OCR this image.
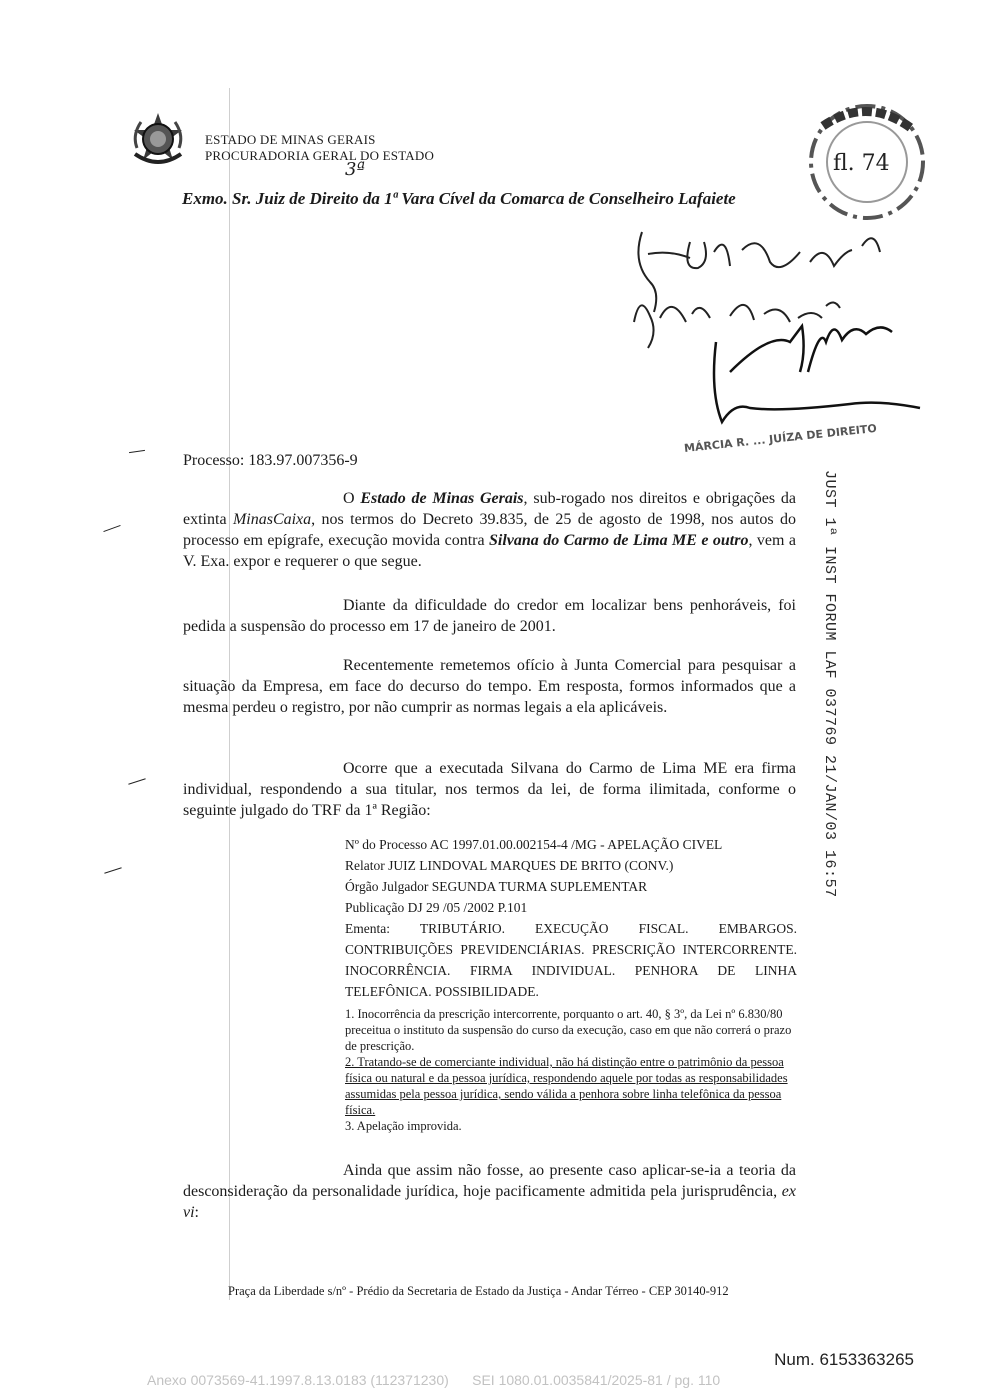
ESTADO DE MINAS GERAIS
PROCURADORIA GERAL DO ESTADO
3ª
Exmo. Sr. Juiz de Direito da 1ª Vara Cível da Comarca de Conselheiro Lafaiete
fl. 74
MÁRCIA R. ... JUÍZA DE DIREITO
JUST 1ª INST FORUM LAF 037769 21/JAN/03 16:57
Processo: 183.97.007356-9
O Estado de Minas Gerais, sub-rogado nos direitos e obrigações da extinta MinasCaixa, nos termos do Decreto 39.835, de 25 de agosto de 1998, nos autos do processo em epígrafe, execução movida contra Silvana do Carmo de Lima ME e outro, vem a V. Exa. expor e requerer o que segue.
Diante da dificuldade do credor em localizar bens penhoráveis, foi pedida a suspensão do processo em 17 de janeiro de 2001.
Recentemente remetemos ofício à Junta Comercial para pesquisar a situação da Empresa, em face do decurso do tempo. Em resposta, formos informados que a mesma perdeu o registro, por não cumprir as normas legais a ela aplicáveis.
Ocorre que a executada Silvana do Carmo de Lima ME era firma individual, respondendo a sua titular, nos termos da lei, de forma ilimitada, conforme o seguinte julgado do TRF da 1ª Região:
Nº do Processo AC 1997.01.00.002154-4 /MG - APELAÇÃO CIVEL
Relator JUIZ LINDOVAL MARQUES DE BRITO (CONV.)
Órgão Julgador SEGUNDA TURMA SUPLEMENTAR
Publicação DJ 29 /05 /2002 P.101
Ementa: TRIBUTÁRIO. EXECUÇÃO FISCAL. EMBARGOS. CONTRIBUIÇÕES PREVIDENCIÁRIAS. PRESCRIÇÃO INTERCORRENTE. INOCORRÊNCIA. FIRMA INDIVIDUAL. PENHORA DE LINHA TELEFÔNICA. POSSIBILIDADE.
1. Inocorrência da prescrição intercorrente, porquanto o art. 40, § 3º, da Lei nº 6.830/80 preceitua o instituto da suspensão do curso da execução, caso em que não correrá o prazo de prescrição.
2. Tratando-se de comerciante individual, não há distinção entre o patrimônio da pessoa física ou natural e da pessoa jurídica, respondendo aquele por todas as responsabilidades assumidas pela pessoa jurídica, sendo válida a penhora sobre linha telefônica da pessoa física.
3. Apelação improvida.
Ainda que assim não fosse, ao presente caso aplicar-se-ia a teoria da desconsideração da personalidade jurídica, hoje pacificamente admitida pela jurisprudência, ex vi:
Praça da Liberdade s/nº - Prédio da Secretaria de Estado da Justiça - Andar Térreo - CEP 30140-912
Num. 6153363265
Anexo 0073569-41.1997.8.13.0183 (112371230)      SEI 1080.01.0035841/2025-81 / pg. 110
